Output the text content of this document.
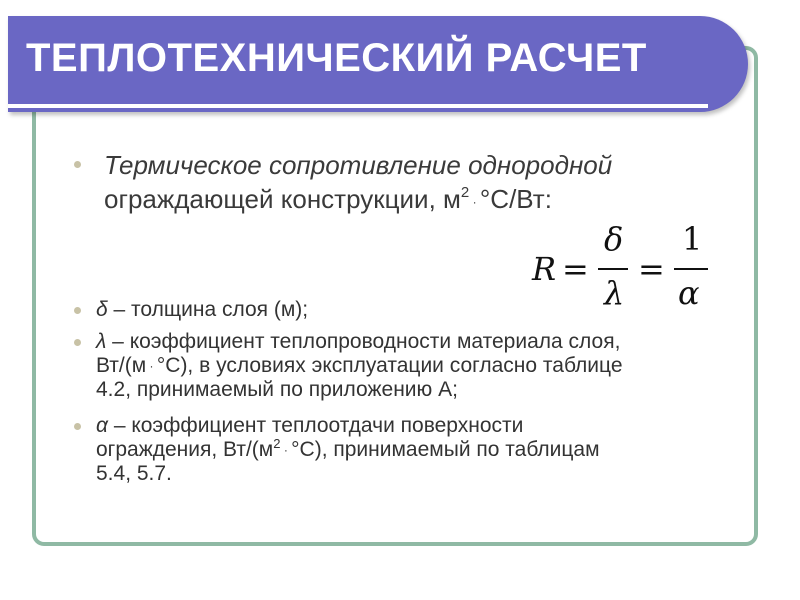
ТЕПЛОТЕХНИЧЕСКИЙ РАСЧЕТ
Термическое сопротивление однородной
ограждающей конструкции, $м^2 \cdot ^\circ С/Вт$:
R =
δ
λ
=
1
α
δ – толщина слоя (м);
λ – коэффициент теплопроводности материала слоя,
Вт/(м · °С), в условиях эксплуатации согласно таблице
4.2, принимаемый по приложению А;
α – коэффициент теплоотдачи поверхности
ограждения, $Вт/(м^2 \cdot ^\circ С)$, принимаемый по таблицам
5.4, 5.7.
